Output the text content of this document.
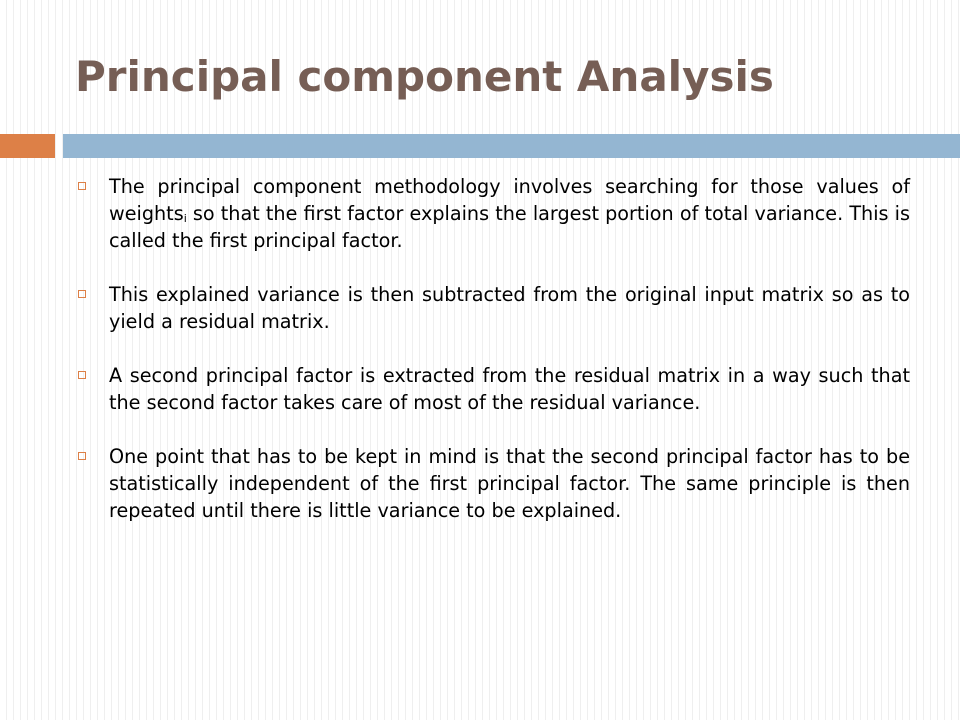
Principal component Analysis
The principal component methodology involves searching for those values of weights$_i$ so that the first factor explains the largest portion of total variance. This is called the first principal factor.
This explained variance is then subtracted from the original input matrix so as to yield a residual matrix.
A second principal factor is extracted from the residual matrix in a way such that the second factor takes care of most of the residual variance.
One point that has to be kept in mind is that the second principal factor has to be statistically independent of the first principal factor. The same principle is then repeated until there is little variance to be explained.
